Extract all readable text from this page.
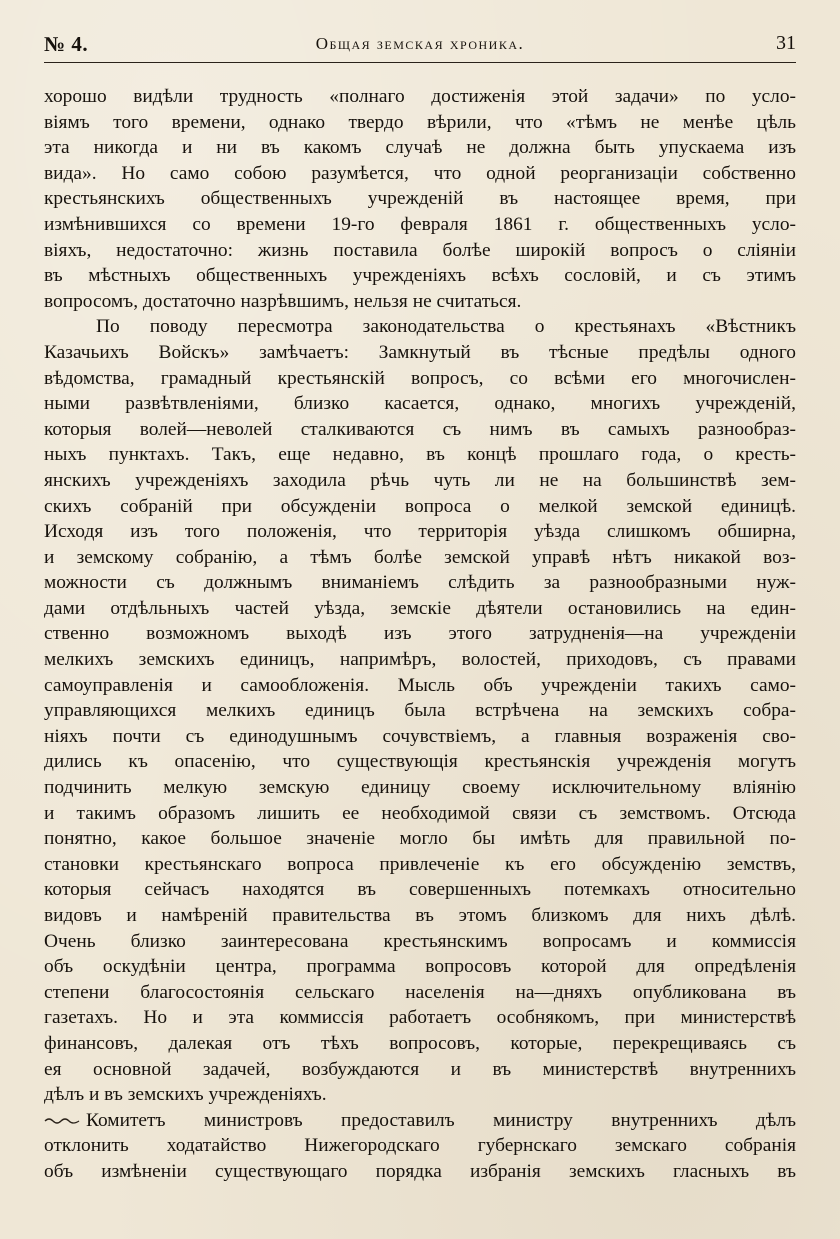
№ 4.	Общая земская хроника.	31
хорошо видѣли трудность «полнаго достиженія этой задачи» по усло-
віямъ того времени, однако твердо вѣрили, что «тѣмъ не менѣе цѣль
эта никогда и ни въ какомъ случаѣ не должна быть упускаема изъ
вида». Но само собою разумѣется, что одной реорганизаціи собственно
крестьянскихъ общественныхъ учрежденій въ настоящее время, при
измѣнившихся со времени 19-го февраля 1861 г. общественныхъ усло-
віяхъ, недостаточно: жизнь поставила болѣе широкій вопросъ о сліяніи
въ мѣстныхъ общественныхъ учрежденіяхъ всѣхъ сословій, и съ этимъ
вопросомъ, достаточно назрѣвшимъ, нельзя не считаться.
По поводу пересмотра законодательства о крестьянахъ «Вѣстникъ
Казачьихъ Войскъ» замѣчаетъ: Замкнутый въ тѣсные предѣлы одного
вѣдомства, грамадный крестьянскій вопросъ, со всѣми его многочислен-
ными развѣтвленіями, близко касается, однако, многихъ учрежденій,
которыя волей—неволей сталкиваются съ нимъ въ самыхъ разнообраз-
ныхъ пунктахъ. Такъ, еще недавно, въ концѣ прошлаго года, о кресть-
янскихъ учрежденіяхъ заходила рѣчь чуть ли не на большинствѣ зем-
скихъ собраній при обсужденіи вопроса о мелкой земской единицѣ.
Исходя изъ того положенія, что территорія уѣзда слишкомъ обширна,
и земскому собранію, а тѣмъ болѣе земской управѣ нѣтъ никакой воз-
можности съ должнымъ вниманіемъ слѣдить за разнообразными нуж-
дами отдѣльныхъ частей уѣзда, земскіе дѣятели остановились на един-
ственно возможномъ выходѣ изъ этого затрудненія—на учрежденіи
мелкихъ земскихъ единицъ, напримѣръ, волостей, приходовъ, съ правами
самоуправленія и самообложенія. Мысль объ учрежденіи такихъ само-
управляющихся мелкихъ единицъ была встрѣчена на земскихъ собра-
ніяхъ почти съ единодушнымъ сочувствіемъ, а главныя возраженія сво-
дились къ опасенію, что существующія крестьянскія учрежденія могутъ
подчинить мелкую земскую единицу своему исключительному вліянію
и такимъ образомъ лишить ее необходимой связи съ земствомъ. Отсюда
понятно, какое большое значеніе могло бы имѣть для правильной по-
становки крестьянскаго вопроса привлеченіе къ его обсужденію земствъ,
которыя сейчасъ находятся въ совершенныхъ потемкахъ относительно
видовъ и намѣреній правительства въ этомъ близкомъ для нихъ дѣлѣ.
Очень близко заинтересована крестьянскимъ вопросамъ и коммиссія
объ оскудѣніи центра, программа вопросовъ которой для опредѣленія
степени благосостоянія сельскаго населенія на—дняхъ опубликована въ
газетахъ. Но и эта коммиссія работаетъ особнякомъ, при министерствѣ
финансовъ, далекая отъ тѣхъ вопросовъ, которые, перекрещиваясь съ
ея основной задачей, возбуждаются и въ министерствѣ внутреннихъ
дѣлъ и въ земскихъ учрежденіяхъ.
Комитетъ министровъ предоставилъ министру внутреннихъ дѣлъ
отклонить ходатайство Нижегородскаго губернскаго земскаго собранія
объ измѣненіи существующаго порядка избранія земскихъ гласныхъ въ
